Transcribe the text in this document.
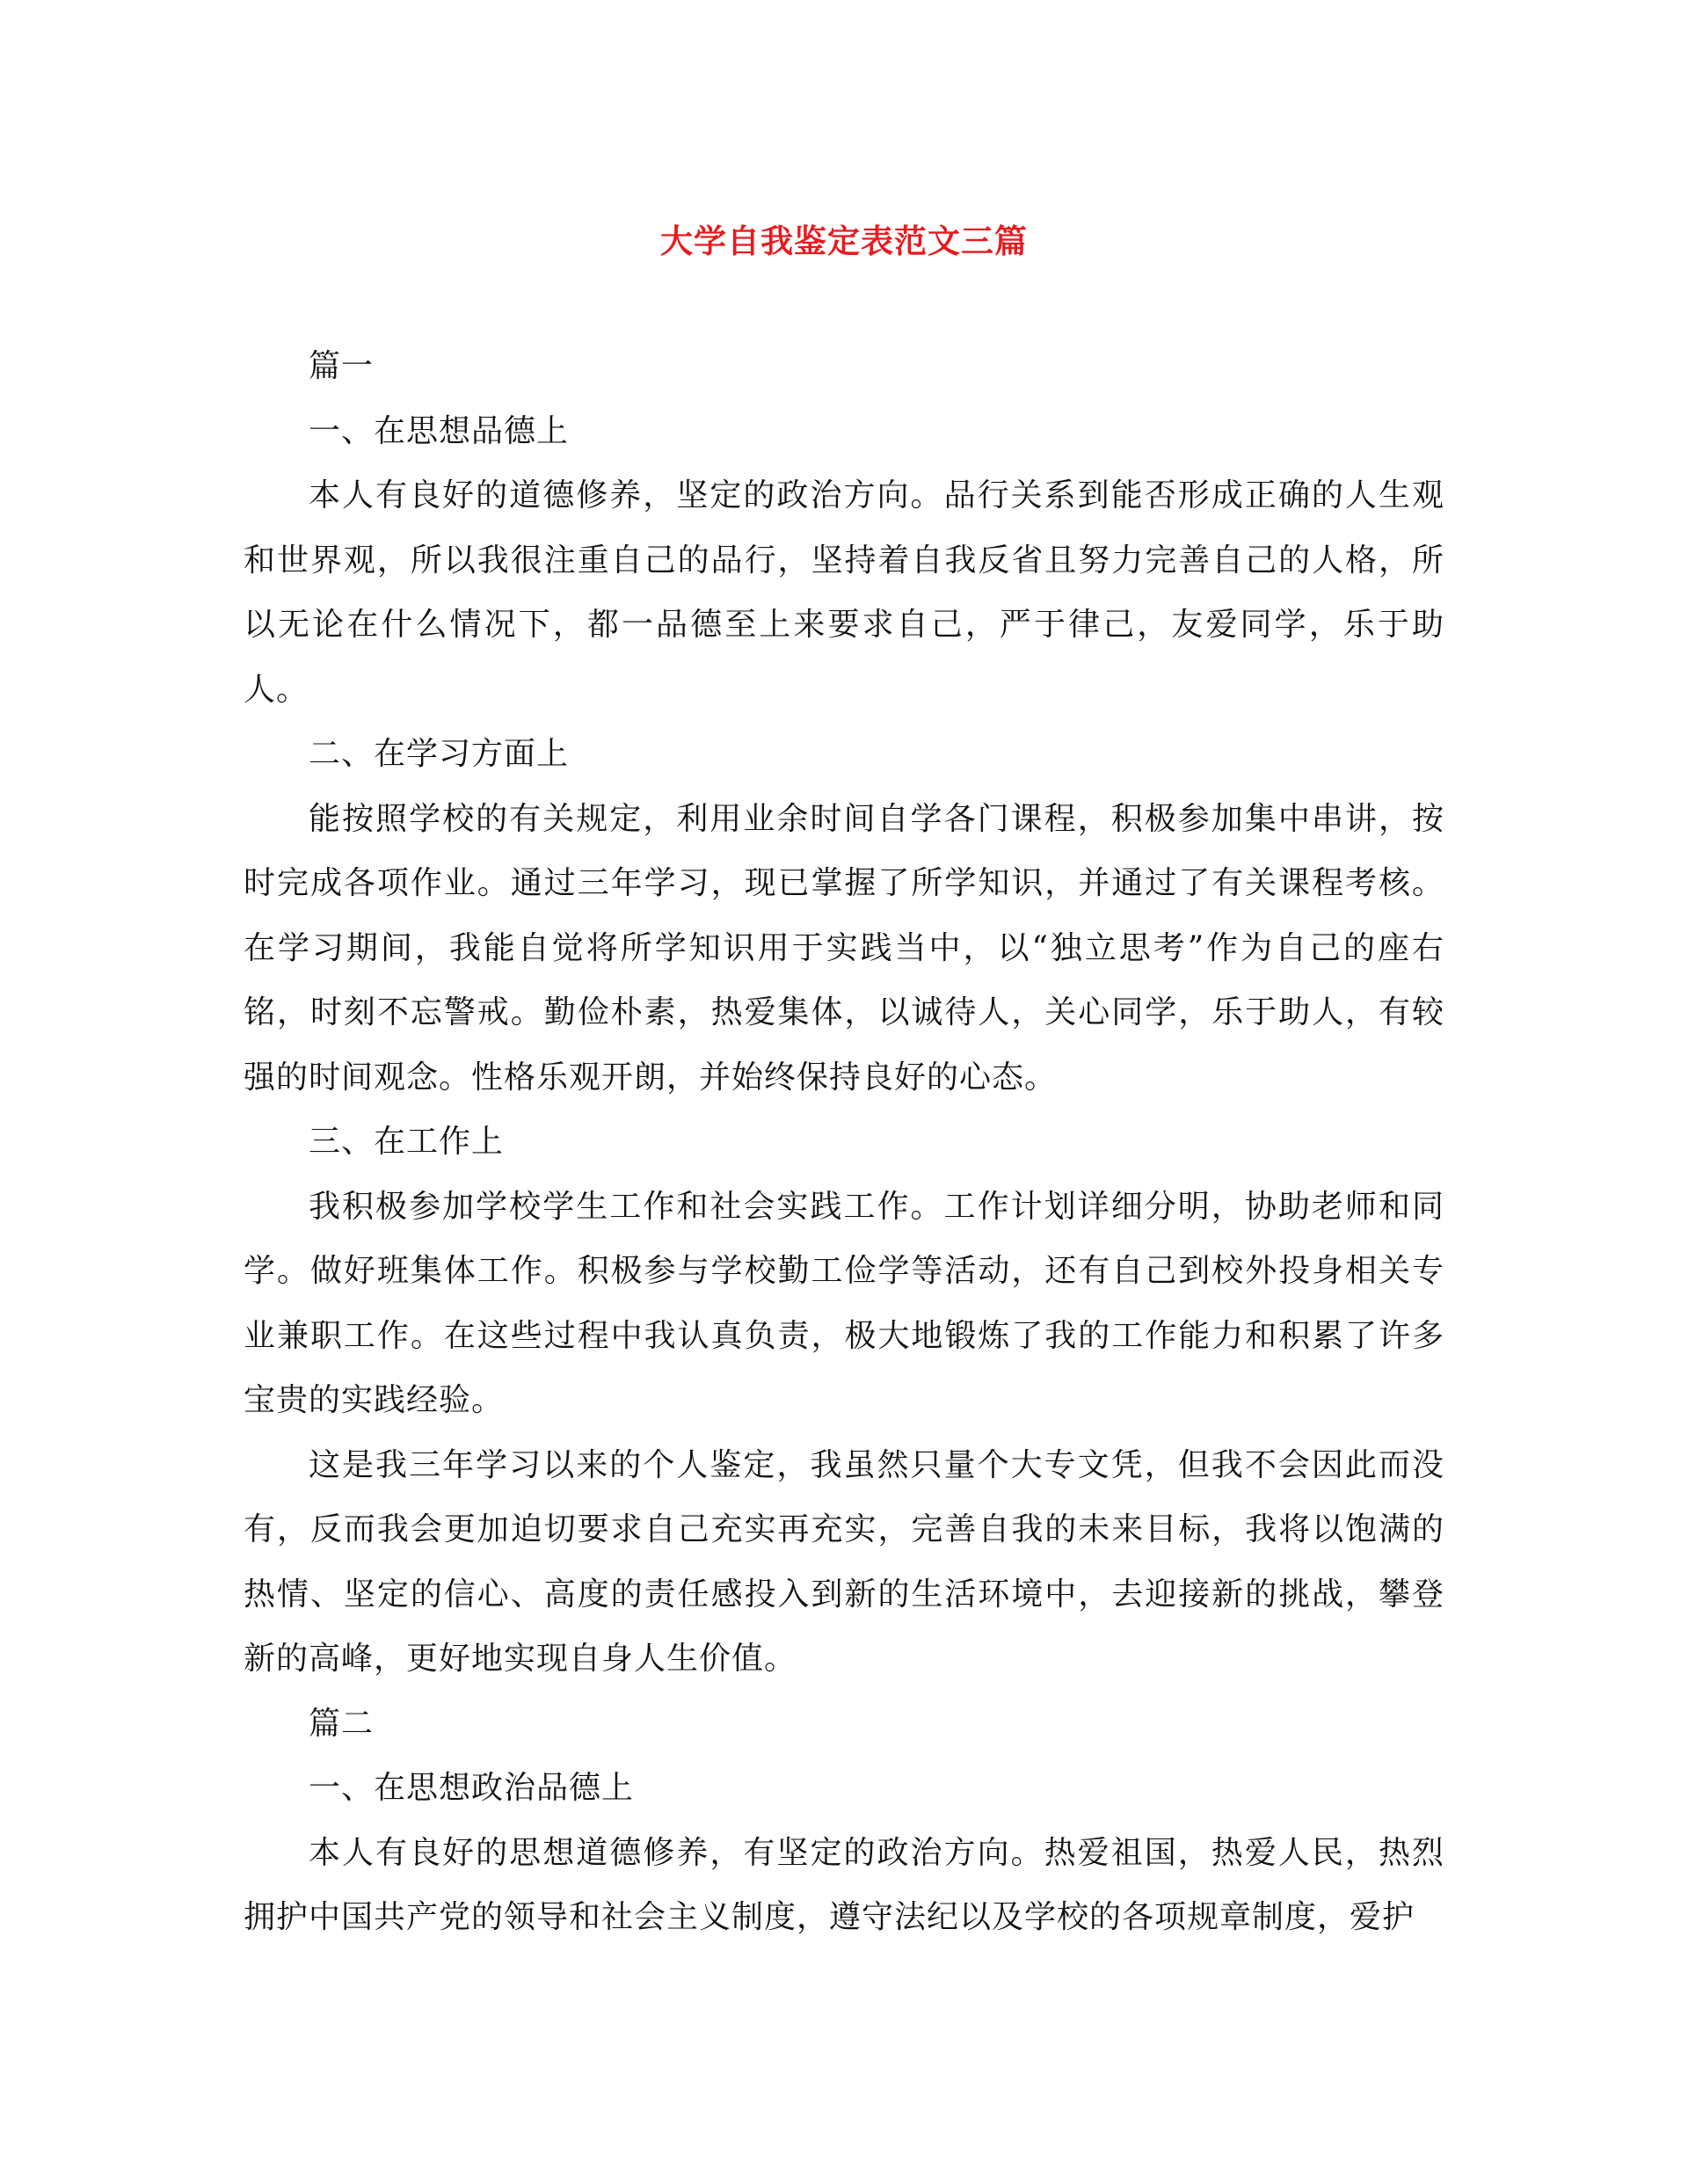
大学自我鉴定表范文三篇

篇一

一、在思想品德上

本人有良好的道德修养，坚定的政治方向。品行关系到能否形成正确的人生观和世界观，所以我很注重自己的品行，坚持着自我反省且努力完善自己的人格，所以无论在什么情况下，都一品德至上来要求自己，严于律己，友爱同学，乐于助人。

二、在学习方面上

能按照学校的有关规定，利用业余时间自学各门课程，积极参加集中串讲，按时完成各项作业。通过三年学习，现已掌握了所学知识，并通过了有关课程考核。在学习期间，我能自觉将所学知识用于实践当中，以“独立思考”作为自己的座右铭，时刻不忘警戒。勤俭朴素，热爱集体，以诚待人，关心同学，乐于助人，有较强的时间观念。性格乐观开朗，并始终保持良好的心态。

三、在工作上

我积极参加学校学生工作和社会实践工作。工作计划详细分明，协助老师和同学。做好班集体工作。积极参与学校勤工俭学等活动，还有自己到校外投身相关专业兼职工作。在这些过程中我认真负责，极大地锻炼了我的工作能力和积累了许多宝贵的实践经验。

这是我三年学习以来的个人鉴定，我虽然只量个大专文凭，但我不会因此而没有，反而我会更加迫切要求自己充实再充实，完善自我的未来目标，我将以饱满的热情、坚定的信心、高度的责任感投入到新的生活环境中，去迎接新的挑战，攀登新的高峰，更好地实现自身人生价值。

篇二

一、在思想政治品德上

本人有良好的思想道德修养，有坚定的政治方向。热爱祖国，热爱人民，热烈拥护中国共产党的领导和社会主义制度，遵守法纪以及学校的各项规章制度，爱护
